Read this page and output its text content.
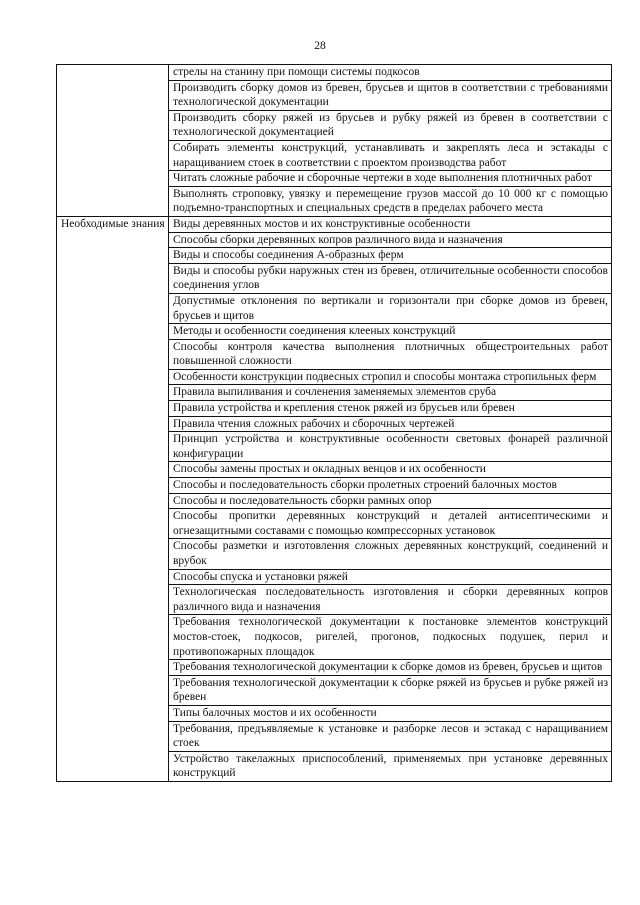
28
	стрелы на станину при помощи системы подкосов
	Производить сборку домов из бревен, брусьев и щитов в соответствии с требованиями технологической документации
	Производить сборку ряжей из брусьев и рубку ряжей из бревен в соответствии с технологической документацией
	Собирать элементы конструкций, устанавливать и закреплять леса и эстакады с наращиванием стоек в соответствии с проектом производства работ
	Читать сложные рабочие и сборочные чертежи в ходе выполнения плотничных работ
	Выполнять строповку, увязку и перемещение грузов массой до 10 000 кг с помощью подъемно-транспортных и специальных средств в пределах рабочего места

Необходимые знания	Виды деревянных мостов и их конструктивные особенности
	Способы сборки деревянных копров различного вида и назначения
	Виды и способы соединения А-образных ферм
	Виды и способы рубки наружных стен из бревен, отличительные особенности способов соединения углов
	Допустимые отклонения по вертикали и горизонтали при сборке домов из бревен, брусьев и щитов
	Методы и особенности соединения клееных конструкций
	Способы контроля качества выполнения плотничных общестроительных работ повышенной сложности
	Особенности конструкции подвесных стропил и способы монтажа стропильных ферм
	Правила выпиливания и сочленения заменяемых элементов сруба
	Правила устройства и крепления стенок ряжей из брусьев или бревен
	Правила чтения сложных рабочих и сборочных чертежей
	Принцип устройства и конструктивные особенности световых фонарей различной конфигурации
	Способы замены простых и окладных венцов и их особенности
	Способы и последовательность сборки пролетных строений балочных мостов
	Способы и последовательность сборки рамных опор
	Способы пропитки деревянных конструкций и деталей антисептическими и огнезащитными составами с помощью компрессорных установок
	Способы разметки и изготовления сложных деревянных конструкций, соединений и врубок
	Способы спуска и установки ряжей
	Технологическая последовательность изготовления и сборки деревянных копров различного вида и назначения
	Требования технологической документации к постановке элементов конструкций мостов-стоек, подкосов, ригелей, прогонов, подкосных подушек, перил и противопожарных площадок
	Требования технологической документации к сборке домов из бревен, брусьев и щитов
	Требования технологической документации к сборке ряжей из брусьев и рубке ряжей из бревен
	Типы балочных мостов и их особенности
	Требования, предъявляемые к установке и разборке лесов и эстакад с наращиванием стоек
	Устройство такелажных приспособлений, применяемых при установке деревянных конструкций
